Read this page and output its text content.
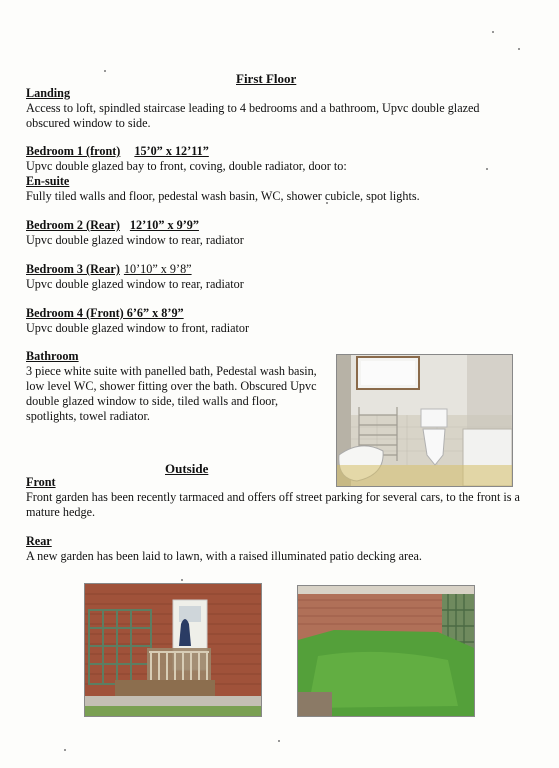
First Floor
Landing
Access to loft, spindled staircase leading to 4 bedrooms and a bathroom, Upvc double glazed obscured window to side.
Bedroom 1 (front) 15’0” x 12’11”
Upvc double glazed bay to front, coving, double radiator, door to:
En-suite
Fully tiled walls and floor, pedestal wash basin, WC, shower cubicle, spot lights.
Bedroom 2 (Rear) 12’10” x 9’9”
Upvc double glazed window to rear, radiator
Bedroom 3 (Rear) 10’10” x 9’8”
Upvc double glazed window to rear, radiator
Bedroom 4 (Front) 6’6” x 8’9”
Upvc double glazed window to front, radiator
Bathroom
3 piece white suite with panelled bath, Pedestal wash basin, low level WC, shower fitting over the bath. Obscured Upvc double glazed window to side, tiled walls and floor, spotlights, towel radiator.
Outside
Front
Front garden has been recently tarmaced and offers off street parking for several cars, to the front is a mature hedge.
Rear
A new garden has been laid to lawn, with a raised illuminated patio decking area.
